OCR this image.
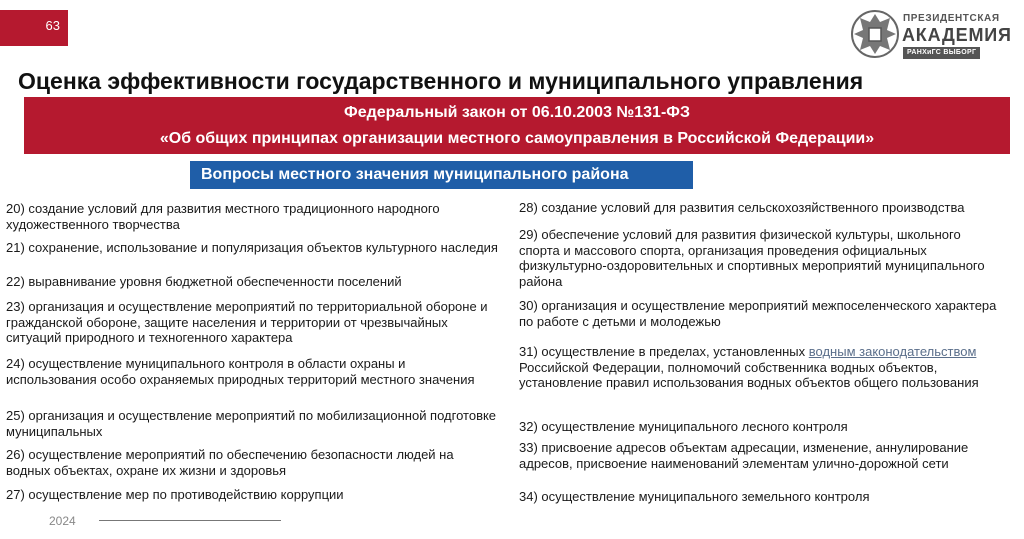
63	ПРЕЗИДЕНТСКАЯ
АКАДЕМИЯ
РАНХиГС ВЫБОРГ
Оценка эффективности государственного и муниципального управления
Федеральный закон от 06.10.2003 №131-ФЗ
«Об общих принципах организации местного самоуправления в Российской Федерации»
Вопросы местного значения муниципального района
20) создание условий для развития местного традиционного народного художественного творчества
21) сохранение, использование и популяризация объектов культурного наследия
22) выравнивание уровня бюджетной обеспеченности поселений
23) организация и осуществление мероприятий по территориальной обороне и гражданской обороне, защите населения и территории от чрезвычайных ситуаций природного и техногенного характера
24) осуществление муниципального контроля в области охраны и использования особо охраняемых природных территорий местного значения
25) организация и осуществление мероприятий по мобилизационной подготовке муниципальных
26) осуществление мероприятий по обеспечению безопасности людей на водных объектах, охране их жизни и здоровья
27) осуществление мер по противодействию коррупции
28) создание условий для развития сельскохозяйственного производства
29) обеспечение условий для развития физической культуры, школьного спорта и массового спорта, организация проведения официальных физкультурно-оздоровительных и спортивных мероприятий муниципального района
30) организация и осуществление мероприятий межпоселенческого характера по работе с детьми и молодежью
31) осуществление в пределах, установленных водным законодательством Российской Федерации, полномочий собственника водных объектов, установление правил использования водных объектов общего пользования
32) осуществление муниципального лесного контроля
33) присвоение адресов объектам адресации, изменение, аннулирование адресов, присвоение наименований элементам улично-дорожной сети
34) осуществление муниципального земельного контроля
2024
